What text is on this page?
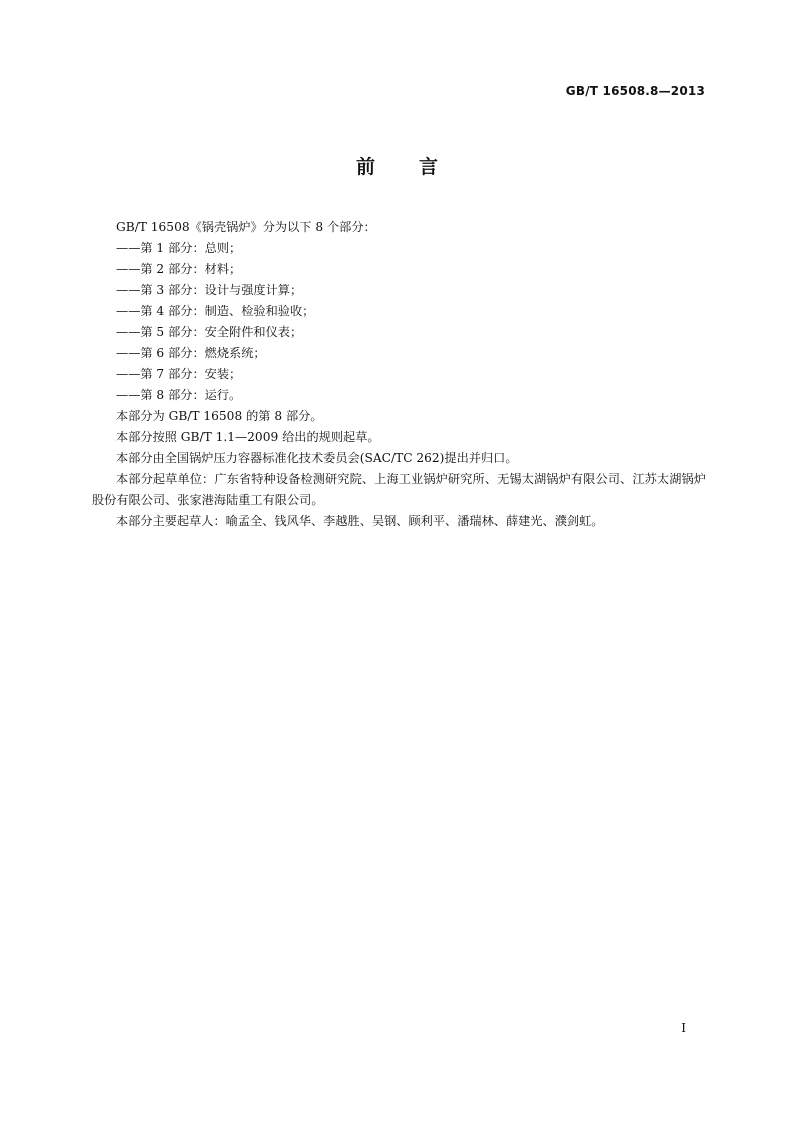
GB/T 16508.8—2013
前言

GB/T 16508《锅壳锅炉》分为以下 8 个部分：

——第 1 部分：总则；

——第 2 部分：材料；

——第 3 部分：设计与强度计算；

——第 4 部分：制造、检验和验收；

——第 5 部分：安全附件和仪表；

——第 6 部分：燃烧系统；

——第 7 部分：安装；

——第 8 部分：运行。

本部分为 GB/T 16508 的第 8 部分。

本部分按照 GB/T 1.1—2009 给出的规则起草。

本部分由全国锅炉压力容器标准化技术委员会(SAC/TC 262)提出并归口。

本部分起草单位：广东省特种设备检测研究院、上海工业锅炉研究所、无锡太湖锅炉有限公司、江苏太湖锅炉股份有限公司、张家港海陆重工有限公司。

本部分主要起草人：喻孟全、钱风华、李越胜、吴钢、顾利平、潘瑞林、薛建光、濮剑虹。

I
